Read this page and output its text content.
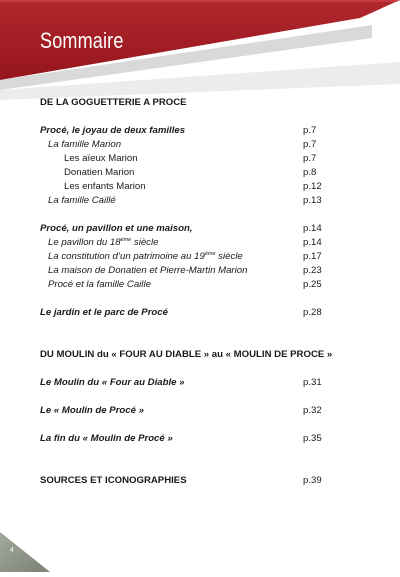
Sommaire
DE LA GOGUETTERIE A PROCE
Procé, le joyau de deux familles	p.7
La famille Marion	p.7
Les aïeux Marion	p.7
Donatien Marion	p.8
Les enfants Marion	p.12
La famille Caillé	p.13
Procé, un pavillon et une maison,	p.14
Le pavillon du 18ème siècle	p.14
La constitution d’un patrimoine au 19ème siècle	p.17
La maison de Donatien et Pierre-Martin Marion	p.23
Procé et la famille Caille	p.25
Le jardin et le parc de Procé	p.28
DU MOULIN du « FOUR AU DIABLE » au « MOULIN DE PROCE »
Le Moulin du « Four au Diable »	p.31
Le « Moulin de Procé »	p.32
La fin du « Moulin de Procé »	p.35
SOURCES ET ICONOGRAPHIES	p.39
4
